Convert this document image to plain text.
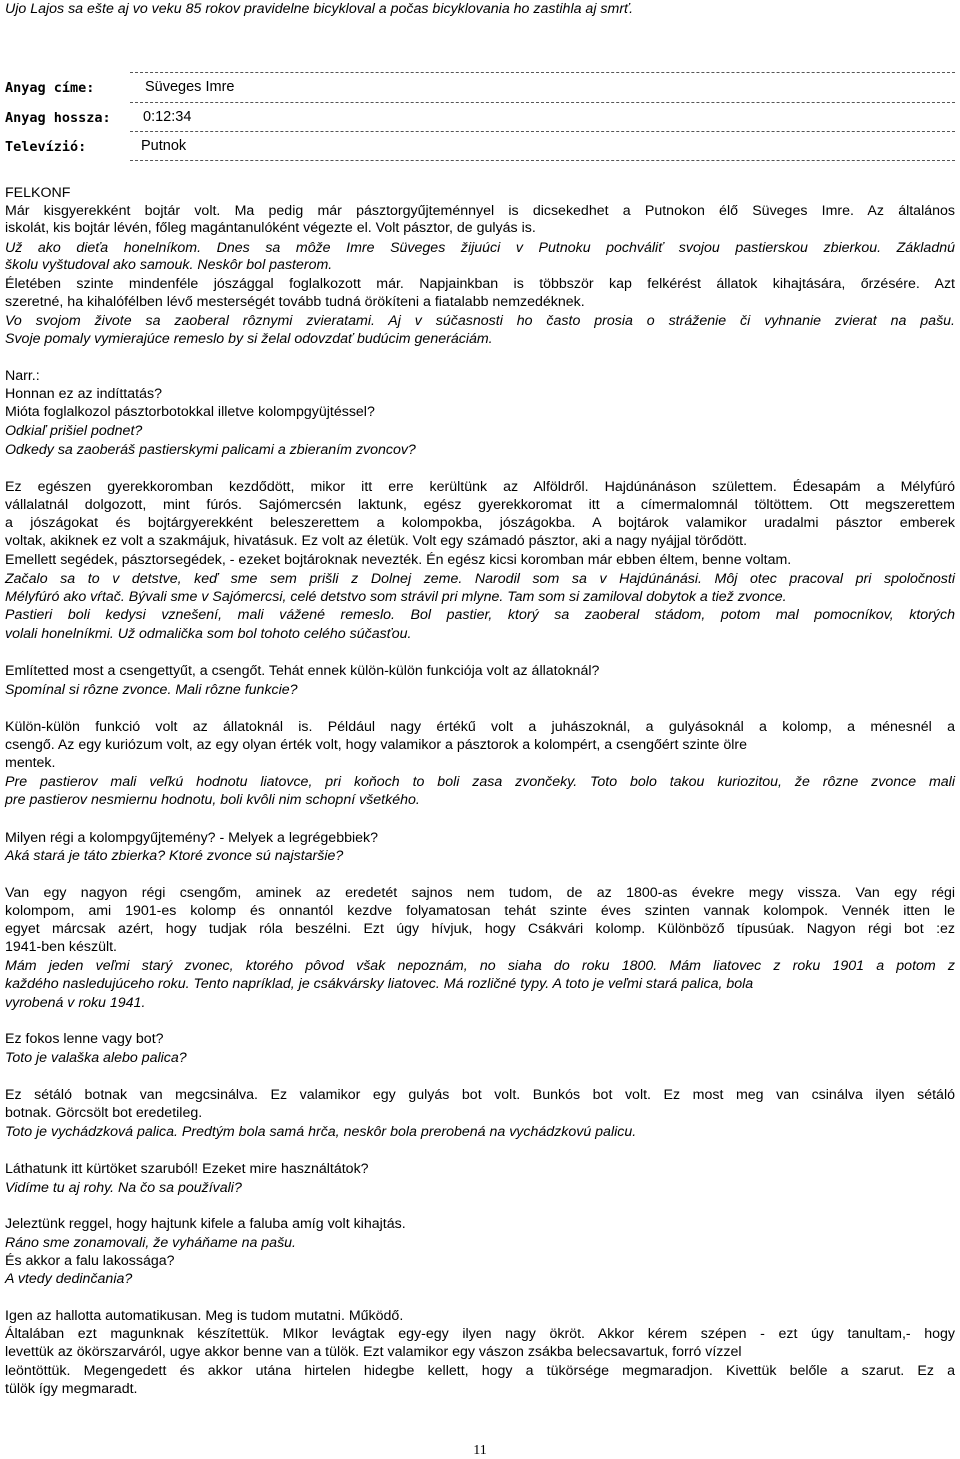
Ujo Lajos sa ešte aj vo veku 85 rokov pravidelne bicykloval a počas bicyklovania ho zastihla aj smrť.
Anyag címe:	Süveges Imre
Anyag hossza: 0:12:34
Televízió:	Putnok
FELKONF
Már kisgyerekként bojtár volt. Ma pedig már pásztorgyűjteménnyel is dicsekedhet a Putnokon élő Süveges Imre. Az általános
iskolát, kis bojtár lévén, főleg magántanulóként végezte el. Volt pásztor, de gulyás is.
Už ako dieťa honelníkom. Dnes sa môže Imre Süveges žijuúci v Putnoku pochváliť svojou pastierskou zbierkou. Základnú
školu vyštudoval ako samouk. Neskôr bol pasterom.
Életében szinte mindenféle jószággal foglalkozott már. Napjainkban is többször kap felkérést állatok kihajtására, őrzésére. Azt
szeretné, ha kihalófélben lévő mesterségét tovább tudná örökíteni a fiatalabb nemzedéknek.
Vo svojom živote sa zaoberal rôznymi zvieratami. Aj v súčasnosti ho často prosia o stráženie či vyhnanie zvierat na pašu.
Svoje pomaly vymierajúce remeslo by si želal odovzdať budúcim generáciám.
Narr.:
Honnan ez az indíttatás?
Mióta foglalkozol pásztorbotokkal illetve kolompgyüjtéssel?
Odkiaľ prišiel podnet?
Odkedy sa zaoberáš pastierskymi palicami a zbieraním zvoncov?
Ez egészen gyerekkoromban kezdődött, mikor itt erre kerültünk az Alföldről. Hajdúnánáson születtem. Édesapám a Mélyfúró
vállalatnál dolgozott, mint fúrós. Sajómercsén laktunk, egész gyerekkoromat itt a címermalomnál töltöttem. Ott megszerettem
a jószágokat és bojtárgyerekként beleszerettem a kolompokba, jószágokba. A bojtárok valamikor uradalmi pásztor emberek
voltak, akiknek ez volt a szakmájuk, hivatásuk. Ez volt az életük. Volt egy számadó pásztor, aki a nagy nyájjal törődött.
Emellett segédek, pásztorsegédek, - ezeket bojtároknak nevezték. Én egész kicsi koromban már ebben éltem, benne voltam.
Začalo sa to v detstve, keď sme sem prišli z Dolnej zeme. Narodil som sa v Hajdúnánási. Môj otec pracoval pri spoločnosti
Mélyfúró ako vŕtač. Bývali sme v Sajómercsi, celé detstvo som strávil pri mlyne. Tam som si zamiloval dobytok a tiež zvonce.
Pastieri boli kedysi vznešení, mali vážené remeslo. Bol pastier, ktorý sa zaoberal stádom, potom mal pomocníkov, ktorých
volali honelníkmi. Už odmalička som bol tohoto celého súčasťou.
Említetted most a csengettyűt, a csengőt. Tehát ennek külön-külön funkciója volt az állatoknál?
Spomínal si rôzne zvonce. Mali rôzne funkcie?
Külön-külön funkció volt az állatoknál is. Például nagy értékű volt a juhászoknál, a gulyásoknál a kolomp, a ménesnél a
csengő. Az egy kuriózum volt, az egy olyan érték volt, hogy valamikor a pásztorok a kolompért, a csengőért szinte ölre
mentek.
Pre pastierov mali veľkú hodnotu liatovce, pri koňoch to boli zasa zvončeky. Toto bolo takou kuriozitou, že rôzne zvonce mali
pre pastierov nesmiernu hodnotu, boli kvôli nim schopní všetkého.
Milyen régi a kolompgyűjtemény? - Melyek a legrégebbiek?
Aká stará je táto zbierka? Ktoré zvonce sú najstaršie?
Van egy nagyon régi csengőm, aminek az eredetét sajnos nem tudom, de az 1800-as évekre megy vissza. Van egy régi
kolompom, ami 1901-es kolomp és onnantól kezdve folyamatosan tehát szinte éves szinten vannak kolompok. Vennék itten le
egyet márcsak azért, hogy tudjak róla beszélni. Ezt úgy hívjuk, hogy Csákvári kolomp. Különböző típusúak. Nagyon régi bot :ez
1941-ben készült.
Mám jeden veľmi starý zvonec, ktorého pôvod však nepoznám, no siaha do roku 1800. Mám liatovec z roku 1901 a potom z
každého nasledujúceho roku. Tento napríklad, je csákvársky liatovec. Má rozličné typy. A toto je veľmi stará palica, bola
vyrobená v roku 1941.
Ez fokos lenne vagy bot?
Toto je valaška alebo palica?
Ez sétáló botnak van megcsinálva. Ez valamikor egy gulyás bot volt. Bunkós bot volt. Ez most meg van csinálva ilyen sétáló
botnak. Görcsölt bot eredetileg.
Toto je vychádzková palica. Predtým bola samá hrča, neskôr bola prerobená na vychádzkovú palicu.
Láthatunk itt kürtöket szaruból! Ezeket mire használtátok?
Vidíme tu aj rohy. Na čo sa používali?
Jeleztünk reggel, hogy hajtunk kifele a faluba amíg volt kihajtás.
Ráno sme zonamovali, že vyháňame na pašu.
És akkor a falu lakossága?
A vtedy dedinčania?
Igen az hallotta automatikusan. Meg is tudom mutatni. Működő.
Általában ezt magunknak készítettük. MIkor levágtak egy-egy ilyen nagy ökröt. Akkor kérem szépen - ezt úgy tanultam,- hogy
levettük az ökörszarváról, ugye akkor benne van a tülök. Ezt valamikor egy vászon zsákba belecsavartuk, forró vízzel
leöntöttük. Megengedett és akkor utána hirtelen hidegbe kellett, hogy a tükörsége megmaradjon. Kivettük belőle a szarut. Ez a
tülök így megmaradt.
11
